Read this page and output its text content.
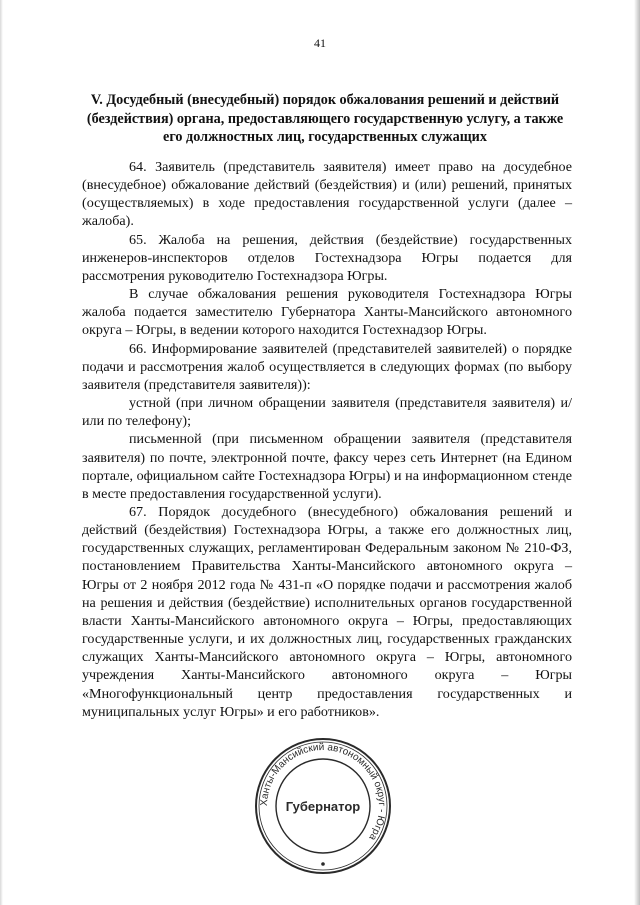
41
V. Досудебный (внесудебный) порядок обжалования решений и действий (бездействия) органа, предоставляющего государственную услугу, а также его должностных лиц, государственных служащих

64. Заявитель (представитель заявителя) имеет право на досудебное (внесудебное) обжалование действий (бездействия) и (или) решений, принятых (осуществляемых) в ходе предоставления государственной услуги (далее – жалоба).

65. Жалоба на решения, действия (бездействие) государственных инженеров-инспекторов отделов Гостехнадзора Югры подается для рассмотрения руководителю Гостехнадзора Югры.

В случае обжалования решения руководителя Гостехнадзора Югры жалоба подается заместителю Губернатора Ханты-Мансийского автономного округа – Югры, в ведении которого находится Гостехнадзор Югры.

66. Информирование заявителей (представителей заявителей) о порядке подачи и рассмотрения жалоб осуществляется в следующих формах (по выбору заявителя (представителя заявителя)):

устной (при личном обращении заявителя (представителя заявителя) и/или по телефону);

письменной (при письменном обращении заявителя (представителя заявителя) по почте, электронной почте, факсу через сеть Интернет (на Едином портале, официальном сайте Гостехнадзора Югры) и на информационном стенде в месте предоставления государственной услуги).

67. Порядок досудебного (внесудебного) обжалования решений и действий (бездействия) Гостехнадзора Югры, а также его должностных лиц, государственных служащих, регламентирован Федеральным законом № 210-ФЗ, постановлением Правительства Ханты-Мансийского автономного округа – Югры от 2 ноября 2012 года № 431-п «О порядке подачи и рассмотрения жалоб на решения и действия (бездействие) исполнительных органов государственной власти Ханты-Мансийского автономного округа – Югры, предоставляющих государственные услуги, и их должностных лиц, государственных гражданских служащих Ханты-Мансийского автономного округа – Югры, автономного учреждения Ханты-Мансийского автономного округа – Югры «Многофункциональный центр предоставления государственных и муниципальных услуг Югры» и его работников».

Ханты-Мансийский автономный округ - Югра
Губернатор
